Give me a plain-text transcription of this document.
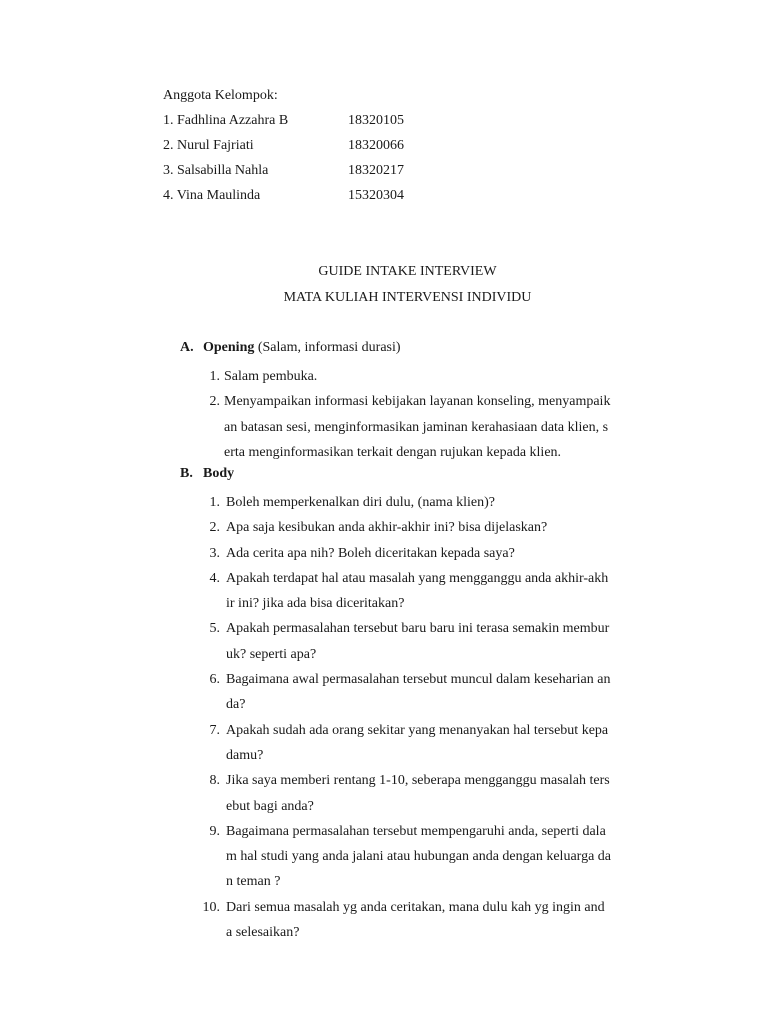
Anggota Kelompok:
1. Fadhlina Azzahra B	18320105
2. Nurul Fajriati	18320066
3. Salsabilla Nahla	18320217
4. Vina Maulinda	15320304
GUIDE INTAKE INTERVIEW
MATA KULIAH INTERVENSI INDIVIDU
A. Opening (Salam, informasi durasi)
1. Salam pembuka.
2. Menyampaikan informasi kebijakan layanan konseling, menyampaik
an batasan sesi, menginformasikan jaminan kerahasiaan data klien, s
erta menginformasikan terkait dengan rujukan kepada klien.
B. Body
1. Boleh memperkenalkan diri dulu, (nama klien)?
2. Apa saja kesibukan anda akhir-akhir ini? bisa dijelaskan?
3. Ada cerita apa nih? Boleh diceritakan kepada saya?
4. Apakah terdapat hal atau masalah yang mengganggu anda akhir-akh
ir ini? jika ada bisa diceritakan?
5. Apakah permasalahan tersebut baru baru ini terasa semakin membur
uk? seperti apa?
6. Bagaimana awal permasalahan tersebut muncul dalam keseharian an
da?
7. Apakah sudah ada orang sekitar yang menanyakan hal tersebut kepa
damu?
8. Jika saya memberi rentang 1-10, seberapa mengganggu masalah ters
ebut bagi anda?
9. Bagaimana permasalahan tersebut mempengaruhi anda, seperti dala
m hal studi yang anda jalani atau hubungan anda dengan keluarga da
n teman ?
10. Dari semua masalah yg anda ceritakan, mana dulu kah yg ingin and
a selesaikan?
